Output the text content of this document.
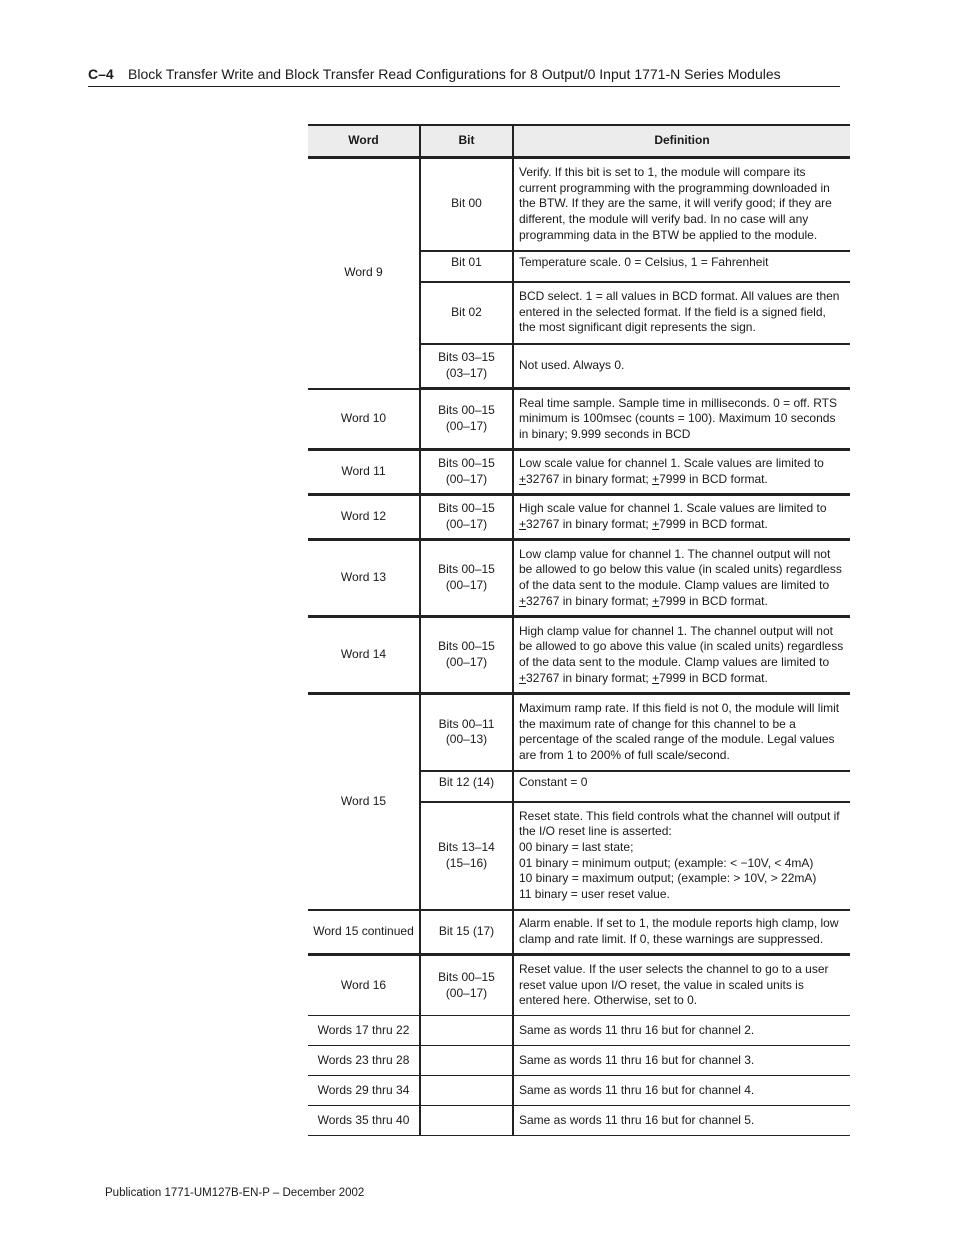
C–4 Block Transfer Write and Block Transfer Read Configurations for 8 Output/0 Input 1771-N Series Modules
Word	Bit	Definition
Word 9	Bit 00	Verify. If this bit is set to 1, the module will compare its current programming with the programming downloaded in the BTW. If they are the same, it will verify good; if they are different, the module will verify bad. In no case will any programming data in the BTW be applied to the module.
	Bit 01	Temperature scale. 0 = Celsius, 1 = Fahrenheit
	Bit 02	BCD select. 1 = all values in BCD format. All values are then entered in the selected format. If the field is a signed field, the most significant digit represents the sign.
	Bits 03–15 (03–17)	Not used. Always 0.
Word 10	Bits 00–15 (00–17)	Real time sample. Sample time in milliseconds. 0 = off. RTS minimum is 100msec (counts = 100). Maximum 10 seconds in binary; 9.999 seconds in BCD
Word 11	Bits 00–15 (00–17)	Low scale value for channel 1. Scale values are limited to +32767 in binary format; +7999 in BCD format.
Word 12	Bits 00–15 (00–17)	High scale value for channel 1. Scale values are limited to +32767 in binary format; +7999 in BCD format.
Word 13	Bits 00–15 (00–17)	Low clamp value for channel 1. The channel output will not be allowed to go below this value (in scaled units) regardless of the data sent to the module. Clamp values are limited to +32767 in binary format; +7999 in BCD format.
Word 14	Bits 00–15 (00–17)	High clamp value for channel 1. The channel output will not be allowed to go above this value (in scaled units) regardless of the data sent to the module. Clamp values are limited to +32767 in binary format; +7999 in BCD format.
Word 15	Bits 00–11 (00–13)	Maximum ramp rate. If this field is not 0, the module will limit the maximum rate of change for this channel to be a percentage of the scaled range of the module. Legal values are from 1 to 200% of full scale/second.
	Bit 12 (14)	Constant = 0
	Bits 13–14 (15–16)	Reset state. This field controls what the channel will output if the I/O reset line is asserted:
00 binary = last state;
01 binary = minimum output; (example: < −10V, < 4mA)
10 binary = maximum output; (example: > 10V, > 22mA)
11 binary = user reset value.

Word 15 continued	Bit 15 (17)	Alarm enable. If set to 1, the module reports high clamp, low clamp and rate limit. If 0, these warnings are suppressed.
Word 16	Bits 00–15 (00–17)	Reset value. If the user selects the channel to go to a user reset value upon I/O reset, the value in scaled units is entered here. Otherwise, set to 0.
Words 17 thru 22		Same as words 11 thru 16 but for channel 2.
Words 23 thru 28		Same as words 11 thru 16 but for channel 3.
Words 29 thru 34		Same as words 11 thru 16 but for channel 4.
Words 35 thru 40		Same as words 11 thru 16 but for channel 5.
Publication 1771-UM127B-EN-P – December 2002
